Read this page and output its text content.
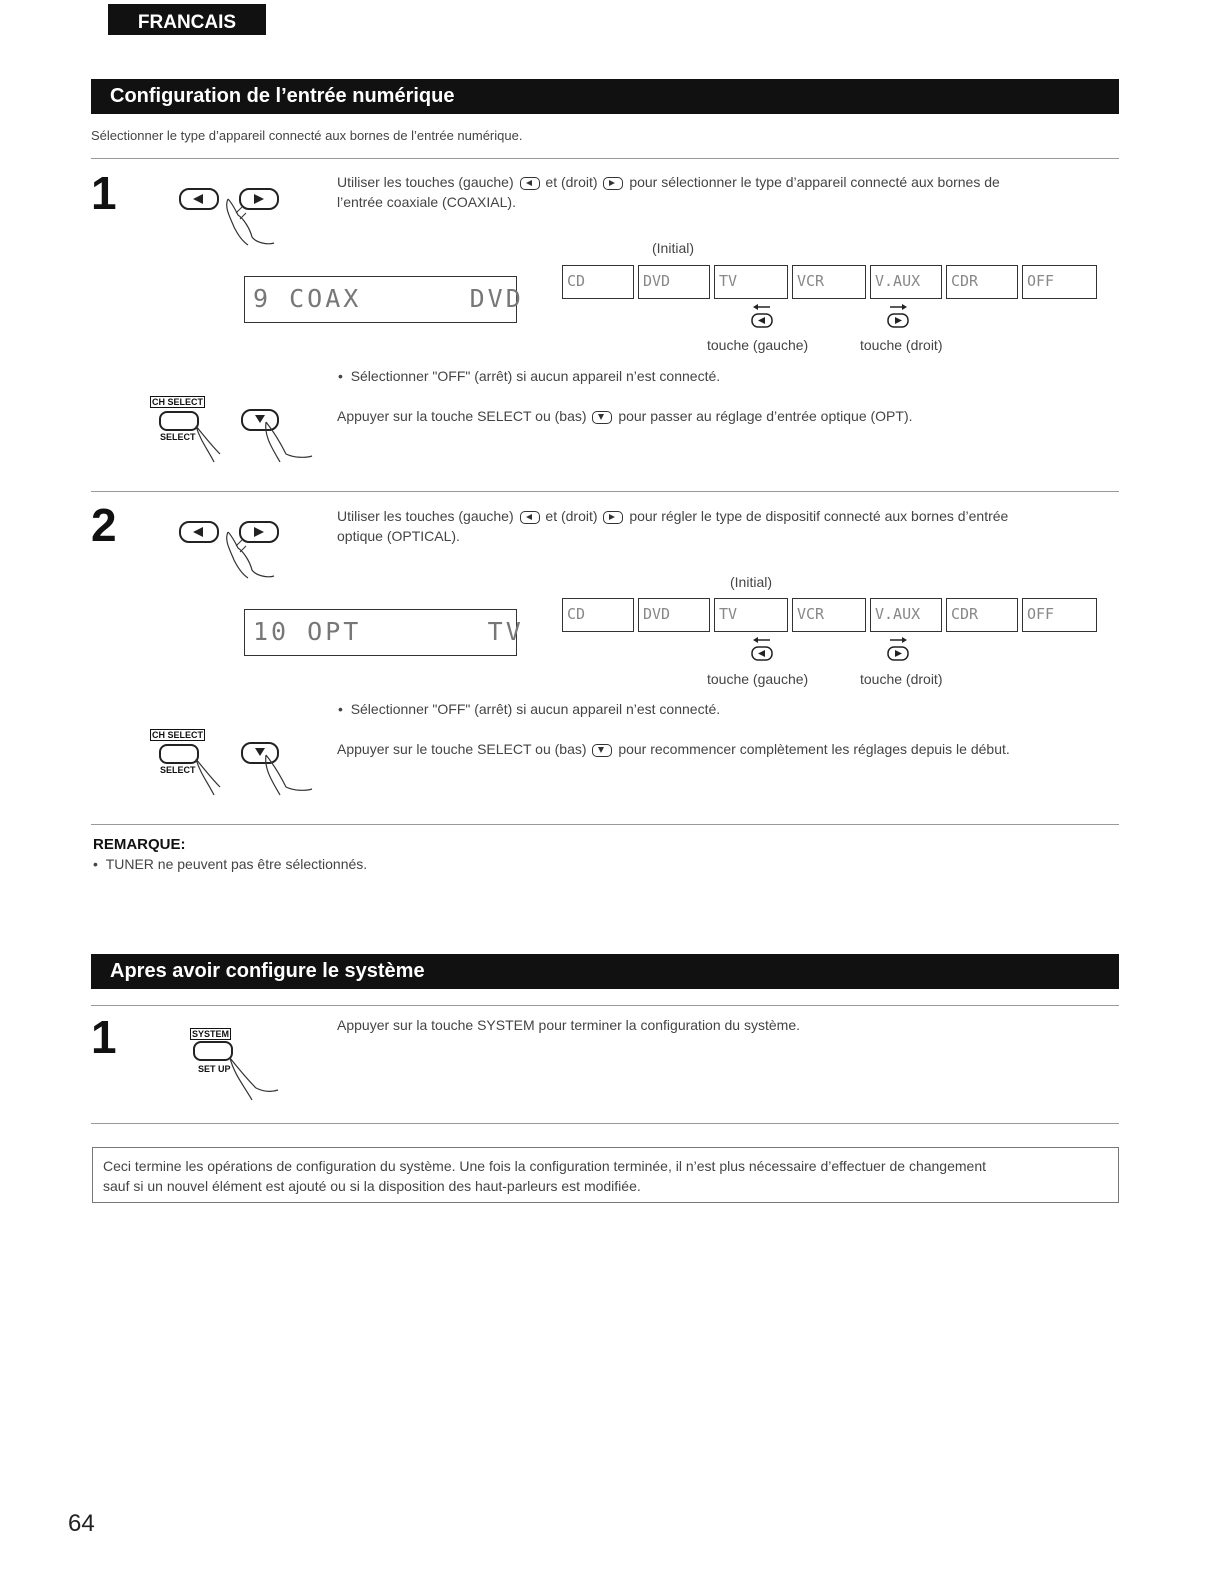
FRANCAIS
Configuration de l’entrée numérique
Sélectionner le type d’appareil connecté aux bornes de l’entrée numérique.
1	Utiliser les touches (gauche) et (droit) pour sélectionner le type d’appareil connecté aux bornes de
l’entrée coaxiale (COAXIAL).
(Initial)
9 COAX      DVD
CD	DVD	TV	VCR	V.AUX	CDR	OFF
touche (gauche)	touche (droit)
•  Sélectionner "OFF" (arrêt) si aucun appareil n’est connecté.
CH SELECT
SELECT
Appuyer sur la touche SELECT ou (bas) pour passer au réglage d’entrée optique (OPT).
2	Utiliser les touches (gauche) et (droit) pour régler le type de dispositif connecté aux bornes d’entrée
optique (OPTICAL).
(Initial)
10 OPT       TV
CD	DVD	TV	VCR	V.AUX	CDR	OFF
touche (gauche)	touche (droit)
•  Sélectionner "OFF" (arrêt) si aucun appareil n’est connecté.
CH SELECT
SELECT
Appuyer sur le touche SELECT ou (bas) pour recommencer complètement les réglages depuis le début.
REMARQUE:
•  TUNER ne peuvent pas être sélectionnés.
Apres avoir configure le système
1	SYSTEM
SET UP
Appuyer sur la touche SYSTEM pour terminer la configuration du système.
Ceci termine les opérations de configuration du système. Une fois la configuration terminée, il n’est plus nécessaire d’effectuer de changement
sauf si un nouvel élément est ajouté ou si la disposition des haut-parleurs est modifiée.
64
